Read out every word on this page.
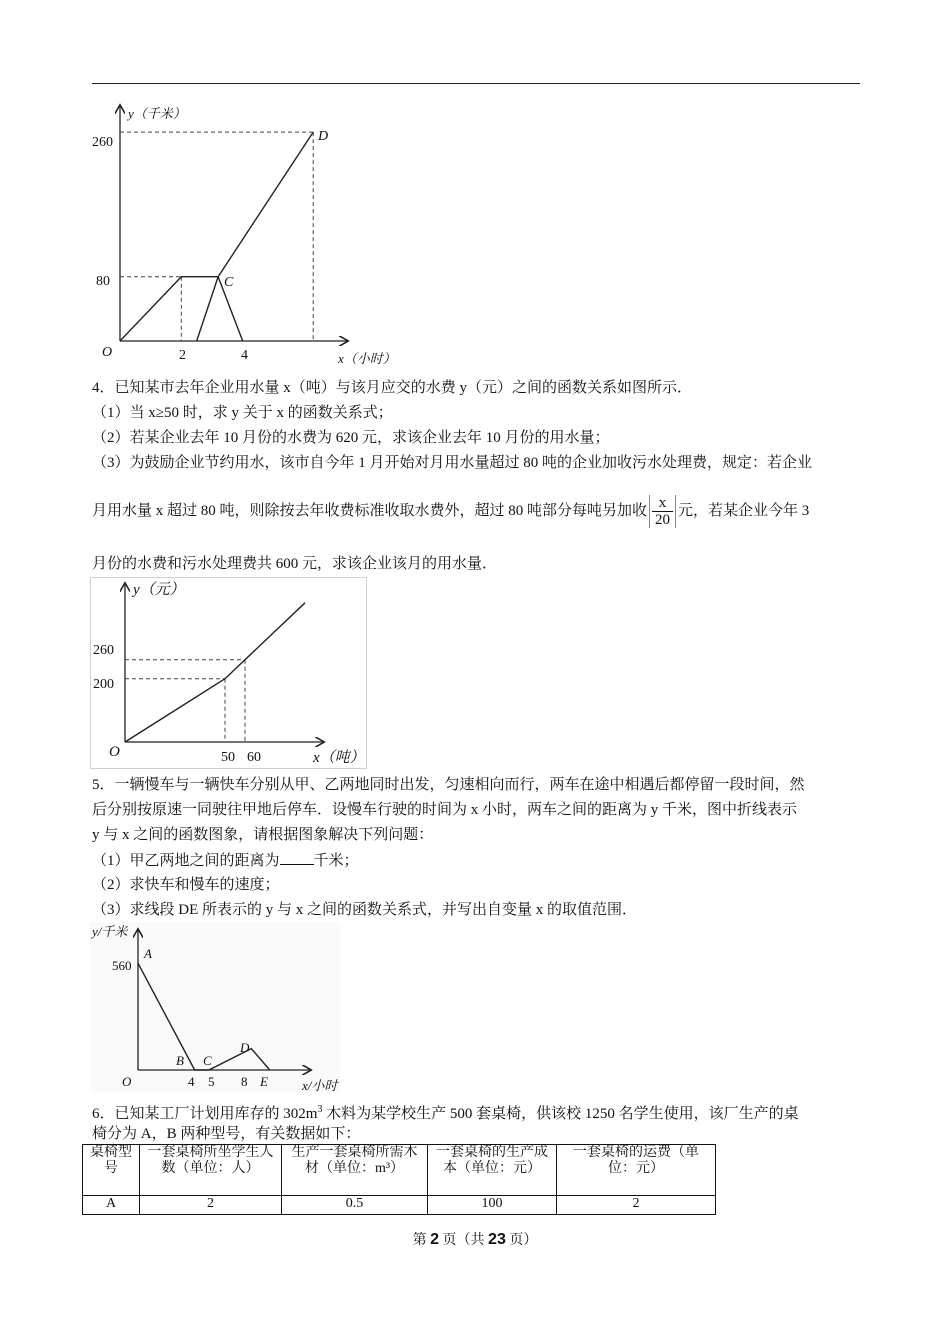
y（千米）
x（小时）
O
260
80
2	4
C
D
4．已知某市去年企业用水量 x（吨）与该月应交的水费 y（元）之间的函数关系如图所示．
（1）当 x≥50 时，求 y 关于 x 的函数关系式；
（2）若某企业去年 10 月份的水费为 620 元，求该企业去年 10 月份的用水量；
（3）为鼓励企业节约用水，该市自今年 1 月开始对月用水量超过 80 吨的企业加收污水处理费，规定：若企业
月用水量 x 超过 80 吨，则除按去年收费标准收取水费外，超过 80 吨部分每吨另加收 $\frac{x}{20}$ 元，若某企业今年 3
月份的水费和污水处理费共 600 元，求该企业该月的用水量．
y（元）
x（吨）
O
260
200
50 60
5．一辆慢车与一辆快车分别从甲、乙两地同时出发，匀速相向而行，两车在途中相遇后都停留一段时间，然
后分别按原速一同驶往甲地后停车．设慢车行驶的时间为 x 小时，两车之间的距离为 y 千米，图中折线表示
y 与 x 之间的函数图象，请根据图象解决下列问题：
（1）甲乙两地之间的距离为 千米；
（2）求快车和慢车的速度；
（3）求线段 DE 所表示的 y 与 x 之间的函数关系式，并写出自变量 x 的取值范围．
y/千米
x/小时
O
560
4 5 8
A
B C
D
E
6．已知某工厂计划用库存的 $302m^3$ 木料为某学校生产 500 套桌椅，供该校 1250 名学生使用，该厂生产的桌
椅分为 A，B 两种型号，有关数据如下：
桌椅型号	一套桌椅所坐学生人数（单位：人）	生产一套桌椅所需木材（单位：m³）	一套桌椅的生产成本（单位：元）	一套桌椅的运费（单位：元）
A	2	0.5	100	2
第 2 页（共 23 页）
